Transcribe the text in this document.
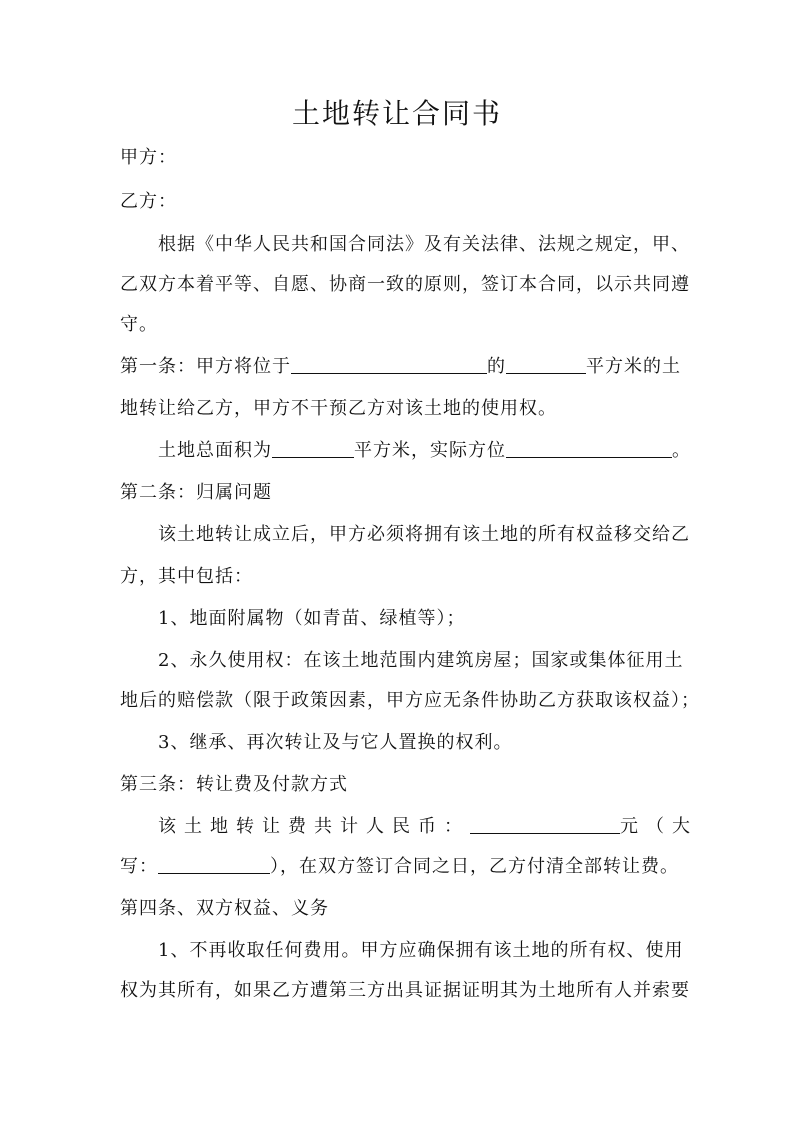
土地转让合同书
甲方：
乙方：
根据《中华人民共和国合同法》及有关法律、法规之规定，甲、
乙双方本着平等、自愿、协商一致的原则，签订本合同，以示共同遵
守。
第一条：甲方将位于	的	平方米的土
地转让给乙方，甲方不干预乙方对该土地的使用权。
土地总面积为	平方米，实际方位	。
第二条：归属问题
该土地转让成立后，甲方必须将拥有该土地的所有权益移交给乙
方，其中包括：
1、地面附属物（如青苗、绿植等）；
2、永久使用权：在该土地范围内建筑房屋；国家或集体征用土
地后的赔偿款（限于政策因素，甲方应无条件协助乙方获取该权益）；
3、继承、再次转让及与它人置换的权利。
第三条：转让费及付款方式
该土地转让费共计人民币：	元（大
写：	），在双方签订合同之日，乙方付清全部转让费。
第四条、双方权益、义务
1、不再收取任何费用。甲方应确保拥有该土地的所有权、使用
权为其所有，如果乙方遭第三方出具证据证明其为土地所有人并索要
